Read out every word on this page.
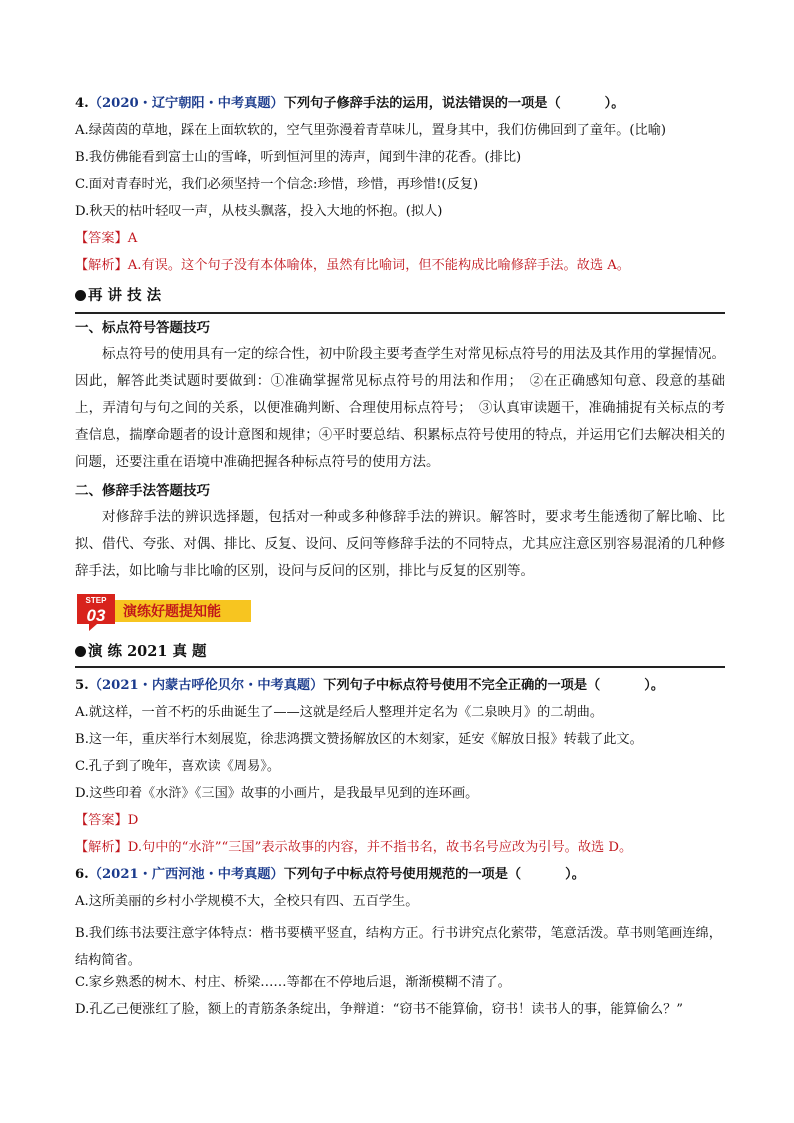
4.（2020・辽宁朝阳・中考真题）下列句子修辞手法的运用，说法错误的一项是（	）。
A.绿茵茵的草地，踩在上面软软的，空气里弥漫着青草味儿，置身其中，我们仿佛回到了童年。(比喻)
B.我仿佛能看到富士山的雪峰，听到恒河里的涛声，闻到牛津的花香。(排比)
C.面对青春时光，我们必须坚持一个信念:珍惜，珍惜，再珍惜!(反复)
D.秋天的枯叶轻叹一声，从枝头飘落，投入大地的怀抱。(拟人)
【答案】A
【解析】A.有误。这个句子没有本体喻体，虽然有比喻词，但不能构成比喻修辞手法。故选 A。
再 讲 技 法
一、标点符号答题技巧
标点符号的使用具有一定的综合性，初中阶段主要考查学生对常见标点符号的用法及其作用的掌握情况。因此，解答此类试题时要做到：①准确掌握常见标点符号的用法和作用；　②在正确感知句意、段意的基础上，弄清句与句之间的关系，以便准确判断、合理使用标点符号；　③认真审读题干，准确捕捉有关标点的考查信息，揣摩命题者的设计意图和规律；④平时要总结、积累标点符号使用的特点，并运用它们去解决相关的问题，还要注重在语境中准确把握各种标点符号的使用方法。
二、修辞手法答题技巧
对修辞手法的辨识选择题，包括对一种或多种修辞手法的辨识。解答时，要求考生能透彻了解比喻、比拟、借代、夸张、对偶、排比、反复、设问、反问等修辞手法的不同特点，尤其应注意区别容易混淆的几种修辞手法，如比喻与非比喻的区别，设问与反问的区别，排比与反复的区别等。
STEP
03 演练好题提知能
演 练 2021 真 题
5.（2021・内蒙古呼伦贝尔・中考真题）下列句子中标点符号使用不完全正确的一项是（	）。
A.就这样，一首不朽的乐曲诞生了——这就是经后人整理并定名为《二泉映月》的二胡曲。
B.这一年，重庆举行木刻展览，徐悲鸿撰文赞扬解放区的木刻家，延安《解放日报》转载了此文。
C.孔子到了晚年，喜欢读《周易》。
D.这些印着《水浒》《三国》故事的小画片，是我最早见到的连环画。
【答案】D
【解析】D.句中的“水浒”“三国”表示故事的内容，并不指书名，故书名号应改为引号。故选 D。
6.（2021・广西河池・中考真题）下列句子中标点符号使用规范的一项是（	）。
A.这所美丽的乡村小学规模不大，全校只有四、五百学生。
B.我们练书法要注意字体特点：楷书要横平竖直，结构方正。行书讲究点化萦带，笔意活泼。草书则笔画连绵，结构简省。
C.家乡熟悉的树木、村庄、桥梁……等都在不停地后退，渐渐模糊不清了。
D.孔乙己便涨红了脸，额上的青筋条条绽出，争辩道：“窃书不能算偷，窃书！读书人的事，能算偷么？”
